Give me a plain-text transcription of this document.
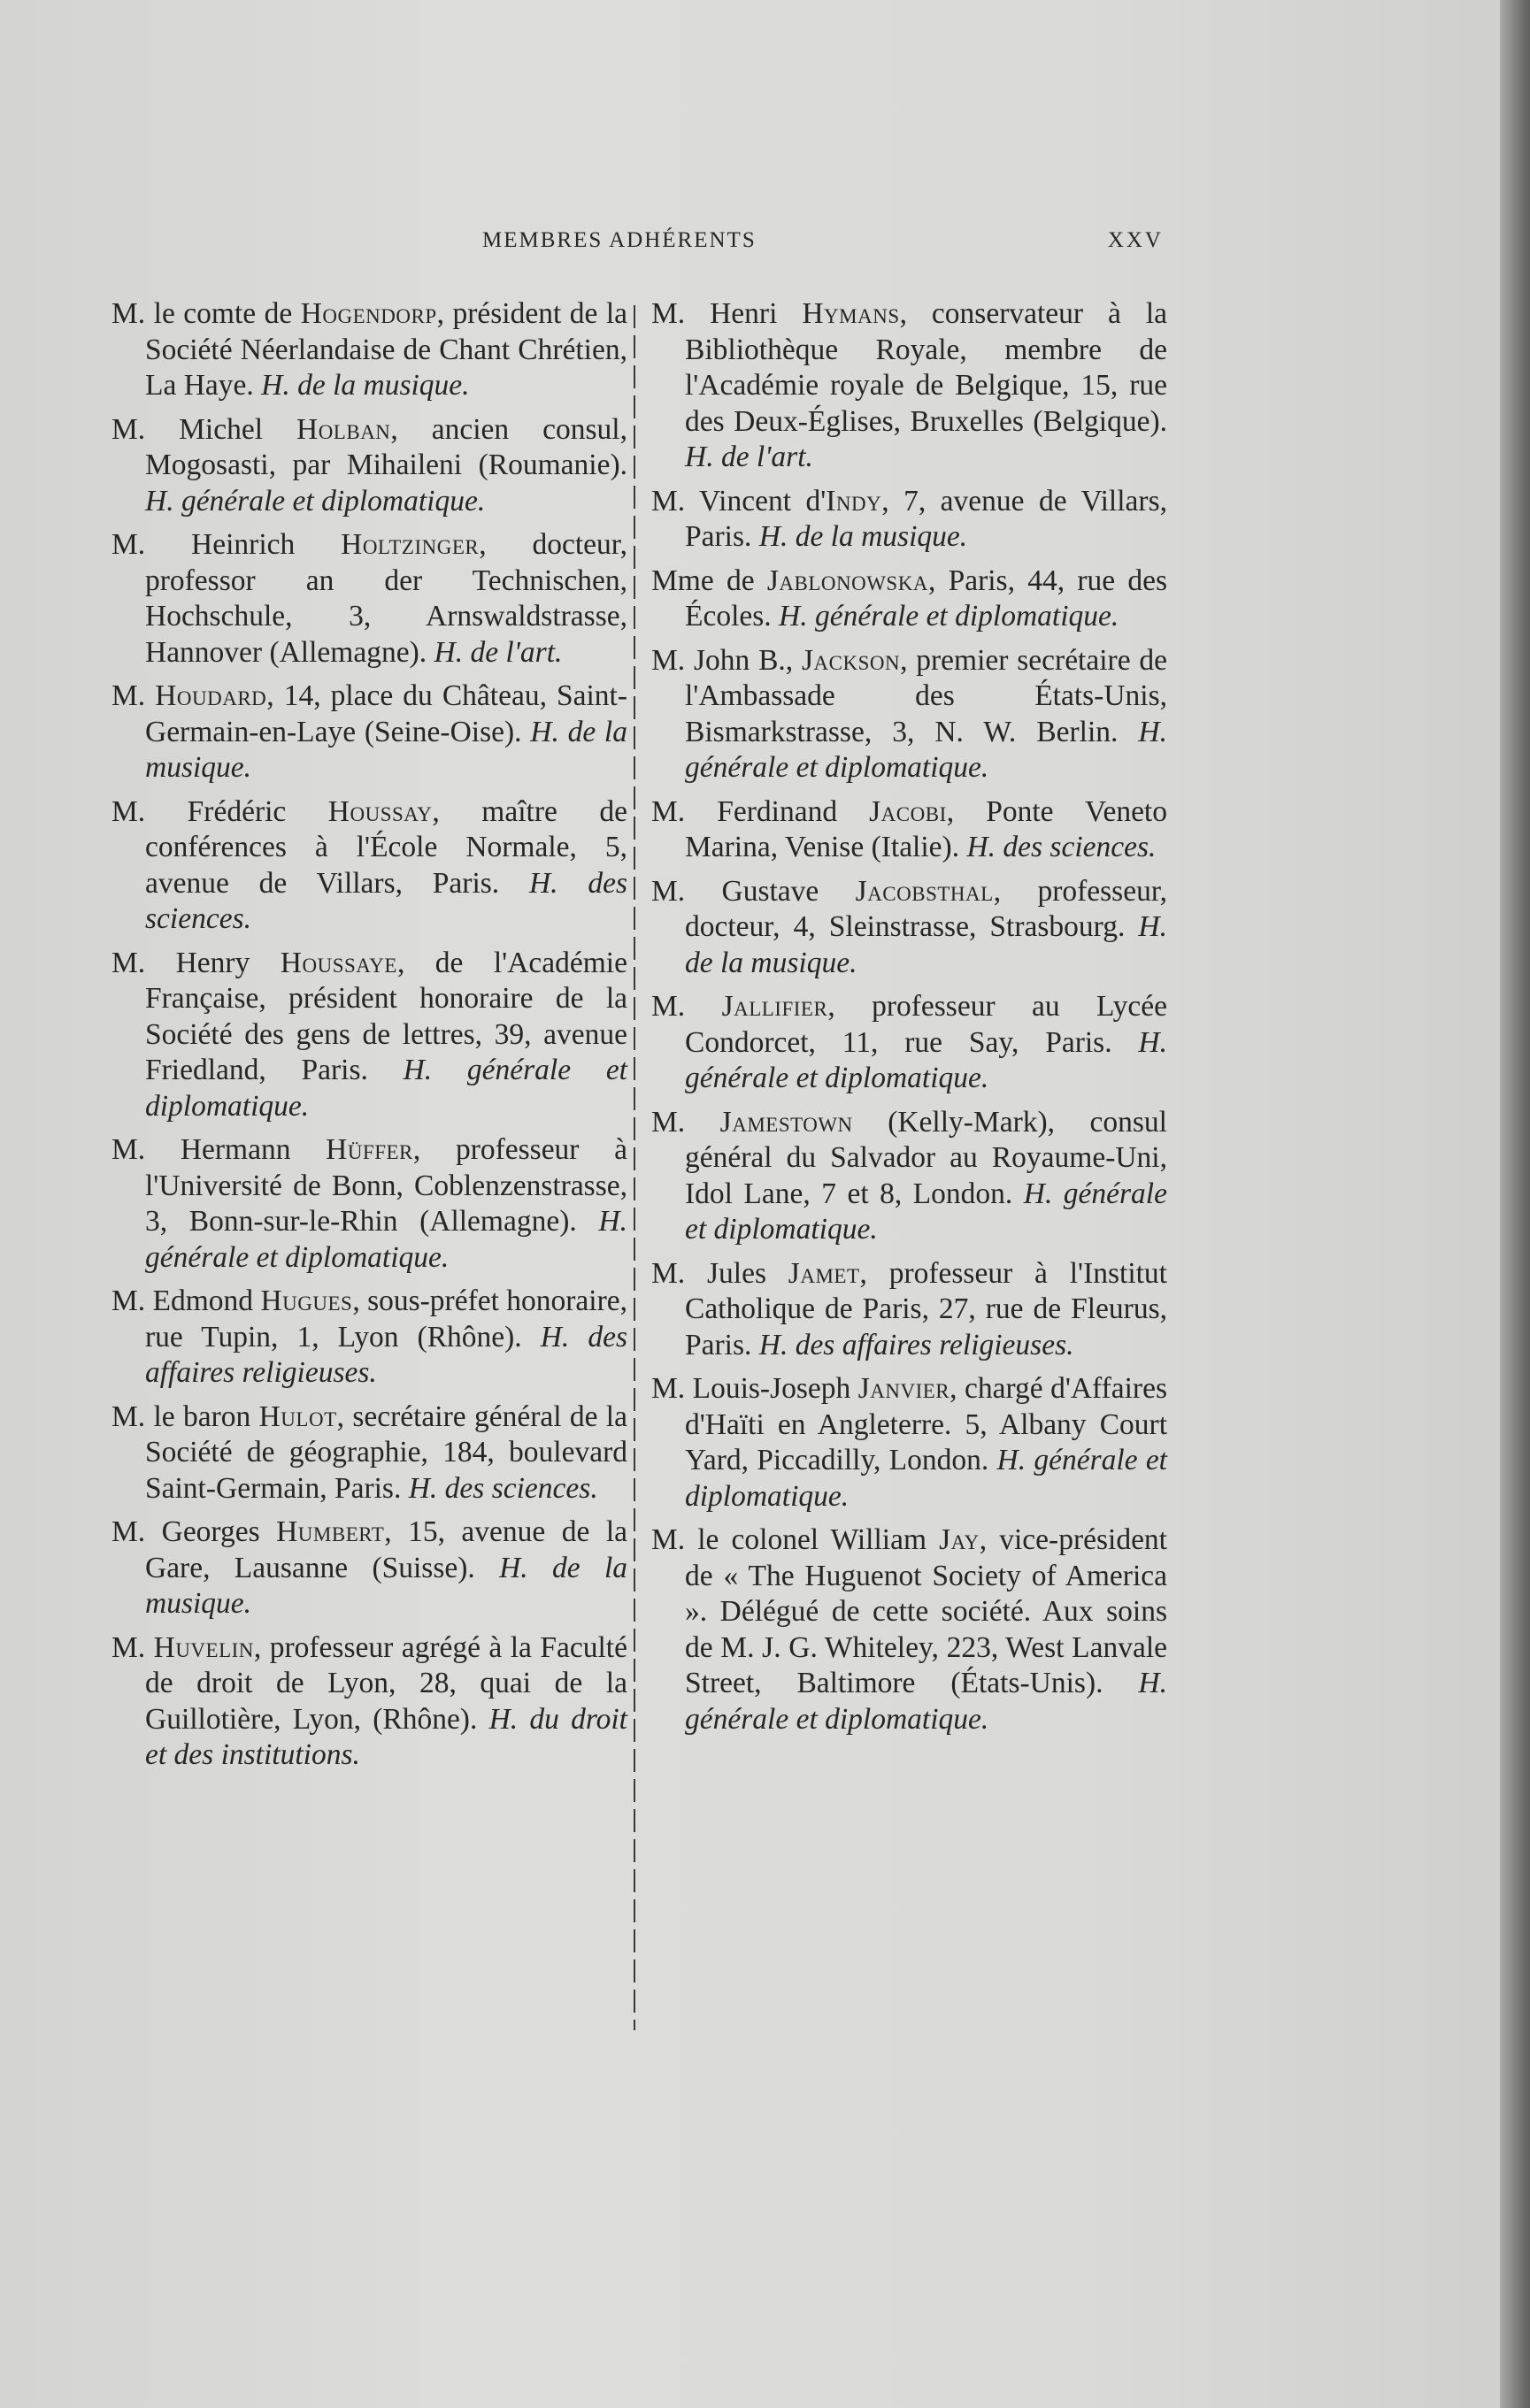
MEMBRES ADHÉRENTS	XXV

M. le comte de Hogendorp, président de la Société Néerlandaise de Chant Chrétien, La Haye. H. de la musique.

M. Michel Holban, ancien consul, Mogosasti, par Mihaileni (Roumanie). H. générale et diplomatique.

M. Heinrich Holtzinger, docteur, professor an der Technischen, Hochschule, 3, Arnswaldstrasse, Hannover (Allemagne). H. de l'art.

M. Houdard, 14, place du Château, Saint-Germain-en-Laye (Seine-Oise). H. de la musique.

M. Frédéric Houssay, maître de conférences à l'École Normale, 5, avenue de Villars, Paris. H. des sciences.

M. Henry Houssaye, de l'Académie Française, président honoraire de la Société des gens de lettres, 39, avenue Friedland, Paris. H. générale et diplomatique.

M. Hermann Hüffer, professeur à l'Université de Bonn, Coblenzenstrasse, 3, Bonn-sur-le-Rhin (Allemagne). H. générale et diplomatique.

M. Edmond Hugues, sous-préfet honoraire, rue Tupin, 1, Lyon (Rhône). H. des affaires religieuses.

M. le baron Hulot, secrétaire général de la Société de géographie, 184, boulevard Saint-Germain, Paris. H. des sciences.

M. Georges Humbert, 15, avenue de la Gare, Lausanne (Suisse). H. de la musique.

M. Huvelin, professeur agrégé à la Faculté de droit de Lyon, 28, quai de la Guillotière, Lyon, (Rhône). H. du droit et des institutions.

M. Henri Hymans, conservateur à la Bibliothèque Royale, membre de l'Académie royale de Belgique, 15, rue des Deux-Églises, Bruxelles (Belgique). H. de l'art.

M. Vincent d'Indy, 7, avenue de Villars, Paris. H. de la musique.

Mme de Jablonowska, Paris, 44, rue des Écoles. H. générale et diplomatique.

M. John B., Jackson, premier secrétaire de l'Ambassade des États-Unis, Bismarkstrasse, 3, N. W. Berlin. H. générale et diplomatique.

M. Ferdinand Jacobi, Ponte Veneto Marina, Venise (Italie). H. des sciences.

M. Gustave Jacobsthal, professeur, docteur, 4, Sleinstrasse, Strasbourg. H. de la musique.

M. Jallifier, professeur au Lycée Condorcet, 11, rue Say, Paris. H. générale et diplomatique.

M. Jamestown (Kelly-Mark), consul général du Salvador au Royaume-Uni, Idol Lane, 7 et 8, London. H. générale et diplomatique.

M. Jules Jamet, professeur à l'Institut Catholique de Paris, 27, rue de Fleurus, Paris. H. des affaires religieuses.

M. Louis-Joseph Janvier, chargé d'Affaires d'Haïti en Angleterre. 5, Albany Court Yard, Piccadilly, London. H. générale et diplomatique.

M. le colonel William Jay, vice-président de « The Huguenot Society of America ». Délégué de cette société. Aux soins de M. J. G. Whiteley, 223, West Lanvale Street, Baltimore (États-Unis). H. générale et diplomatique.
